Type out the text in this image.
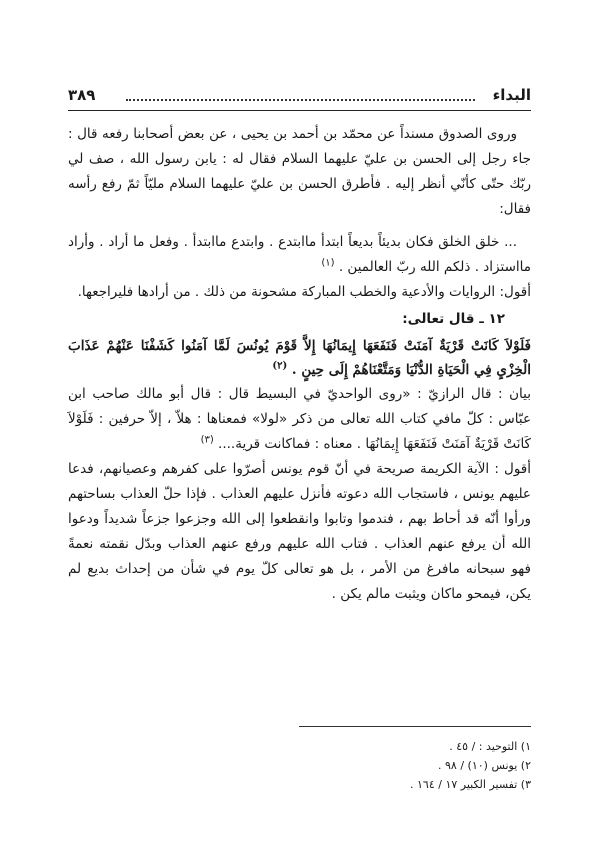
البداء
٣٨٩

وروى الصدوق مسنداً عن محمّد بن أحمد بن يحيى ، عن بعض أصحابنا رفعه قال : جاء رجل إلى الحسن بن عليّ عليهما السلام فقال له : يابن رسول الله ، صف لي ربّك حتّى كأنّي أنظر إليه . فأطرق الحسن بن عليّ عليهما السلام مليّاً ثمّ رفع رأسه فقال:

... خلق الخلق فكان بديئاً بديعاً ابتدأ ماابتدع . وابتدع ماابتدأ . وفعل ما أراد . وأراد مااستزاد . ذلكم الله ربّ العالمين . $^{(١)}$

أقول: الروايات والأدعية والخطب المباركة مشحونة من ذلك . من أرادها فليراجعها.

١٢ ـ قال تعالى:

فَلَوْلاَ كَانَتْ قَرْيَةٌ آمَنَتْ فَنَفَعَهَا إِيمَانُهَا إِلاَّ قَوْمَ يُونُسَ لَمَّا آمَنُوا كَشَفْنَا عَنْهُمْ عَذَابَ الْخِزْيِ فِي الْحَيَاةِ الدُّنْيَا وَمَتَّعْنَاهُمْ إِلَى حِينٍ . $^{(٢)}$

بيان : قال الرازيّ : «روى الواحديّ في البسيط قال : قال أبو مالك صاحب ابن عبّاس : كلّ مافي كتاب الله تعالى من ذكر «لولا» فمعناها : هلاّ ، إلاّ حرفين : فَلَوْلاَ كَانَتْ قَرْيَةٌ آمَنَتْ فَنَفَعَهَا إِيمَانُهَا . معناه : فماكانت قرية.... $^{(٣)}$

أقول : الآية الكريمة صريحة في أنّ قوم يونس أصرّوا على كفرهم وعصيانهم، فدعا عليهم يونس ، فاستجاب الله دعوته فأنزل عليهم العذاب . فإذا حلّ العذاب بساحتهم ورأوا أنّه قد أحاط بهم ، فندموا وتابوا وانقطعوا إلى الله وجزعوا جزعاً شديداً ودعوا الله أن يرفع عنهم العذاب . فتاب الله عليهم ورفع عنهم العذاب وبدّل نقمته نعمةً فهو سبحانه مافرغ من الأمر ، بل هو تعالى كلّ يوم في شأن من إحداث بديع لم يكن، فيمحو ماكان ويثبت مالم يكن .

١) التوحيد : / ٤٥ .
٢) يونس (١٠) / ٩٨ .
٣) تفسير الكبير ١٧ / ١٦٤ .
